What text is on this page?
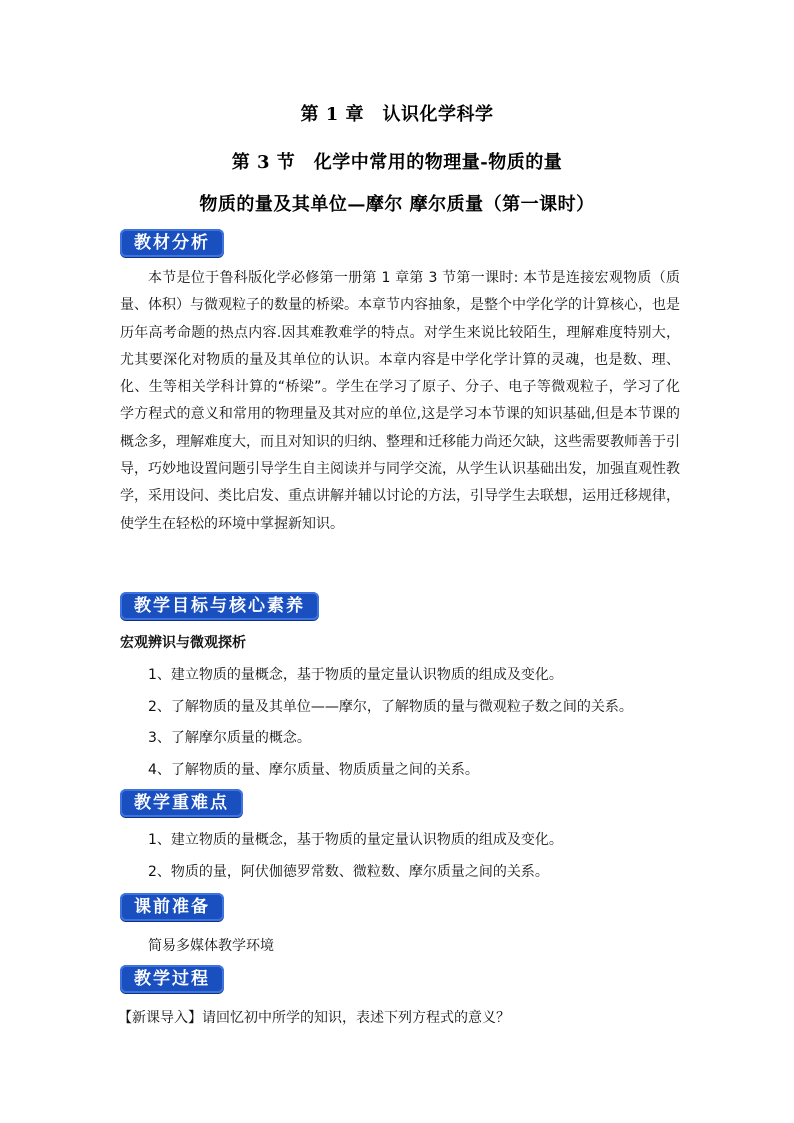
第 1 章　认识化学科学
第 3 节　化学中常用的物理量-物质的量
物质的量及其单位—摩尔 摩尔质量（第一课时）
教材分析

本节是位于鲁科版化学必修第一册第 1 章第 3 节第一课时: 本节是连接宏观物质（质量、体积）与微观粒子的数量的桥梁。本章节内容抽象，是整个中学化学的计算核心，也是历年高考命题的热点内容.因其难教难学的特点。对学生来说比较陌生，理解难度特别大，尤其要深化对物质的量及其单位的认识。本章内容是中学化学计算的灵魂，也是数、理、化、生等相关学科计算的“桥梁”。学生在学习了原子、分子、电子等微观粒子，学习了化学方程式的意义和常用的物理量及其对应的单位,这是学习本节课的知识基础,但是本节课的概念多，理解难度大，而且对知识的归纳、整理和迁移能力尚还欠缺，这些需要教师善于引导，巧妙地设置问题引导学生自主阅读并与同学交流，从学生认识基础出发，加强直观性教学，采用设问、类比启发、重点讲解并辅以讨论的方法，引导学生去联想，运用迁移规律，使学生在轻松的环境中掌握新知识。

教学目标与核心素养
宏观辨识与微观探析
1、建立物质的量概念，基于物质的量定量认识物质的组成及变化。
2、了解物质的量及其单位——摩尔，了解物质的量与微观粒子数之间的关系。
3、了解摩尔质量的概念。
4、了解物质的量、摩尔质量、物质质量之间的关系。
教学重难点
1、建立物质的量概念，基于物质的量定量认识物质的组成及变化。
2、物质的量，阿伏伽德罗常数、微粒数、摩尔质量之间的关系。
课前准备
简易多媒体教学环境
教学过程
【新课导入】请回忆初中所学的知识，表述下列方程式的意义？
